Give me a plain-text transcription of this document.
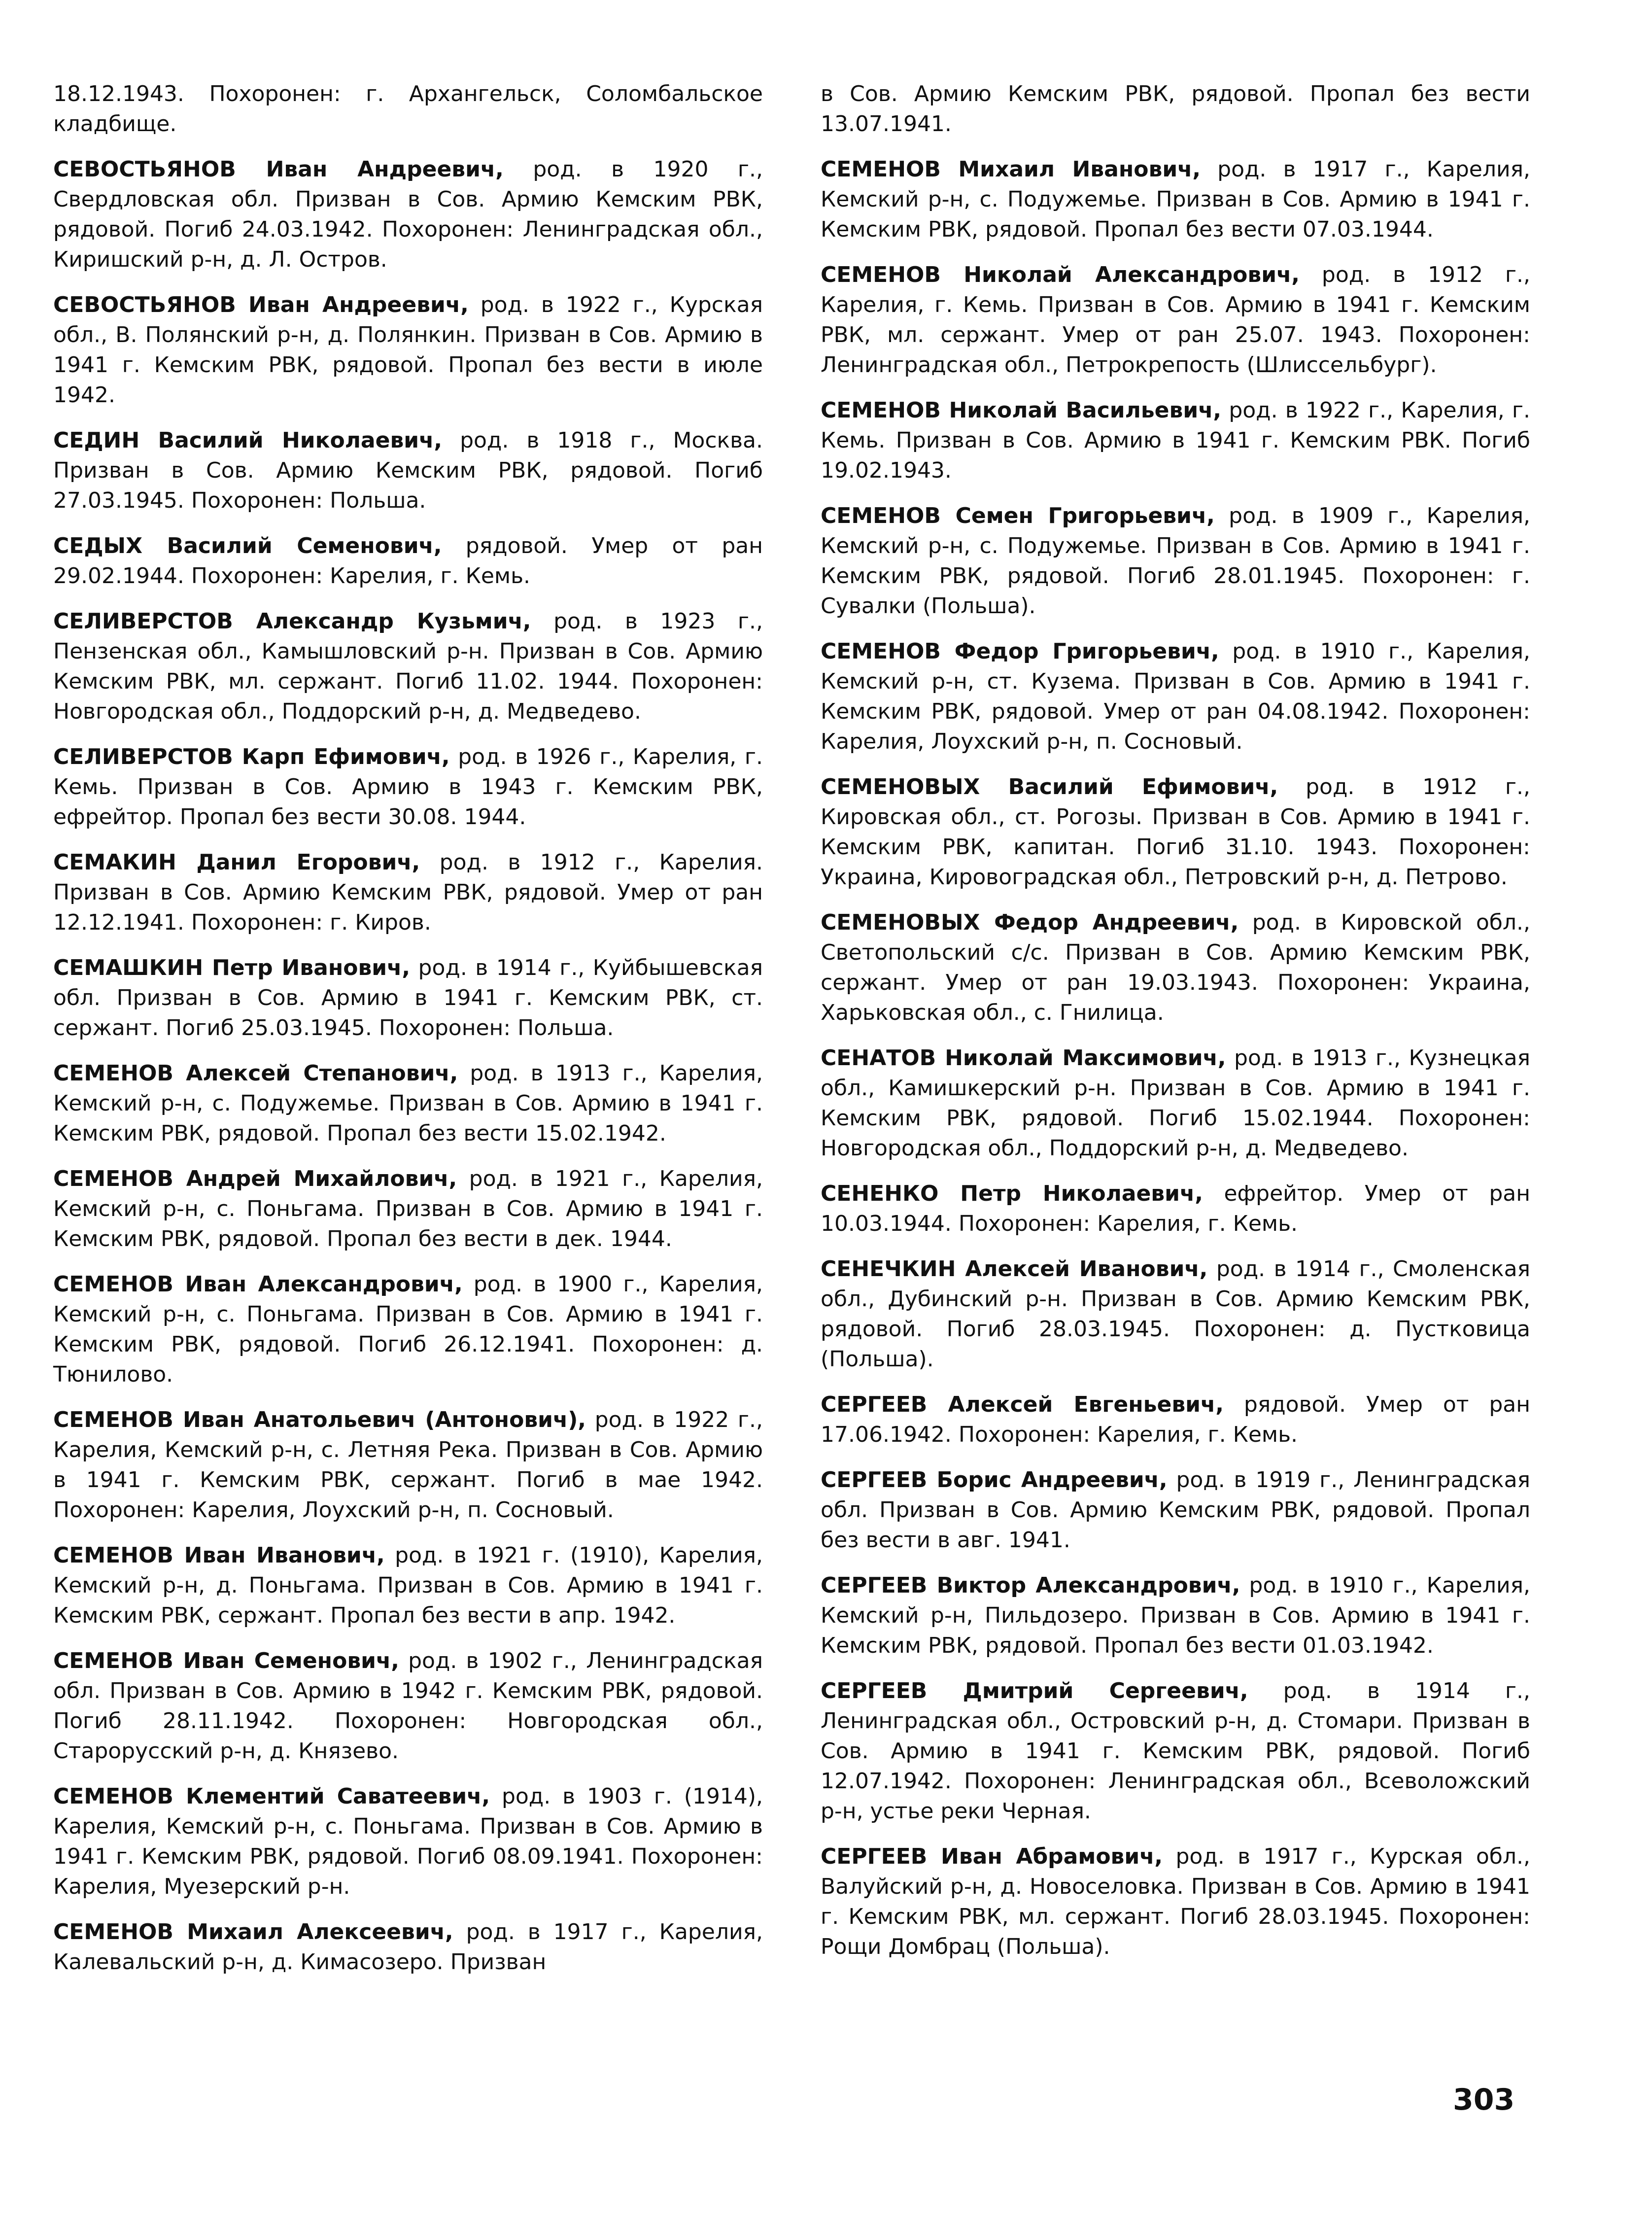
18.12.1943. Похоронен: г. Архангельск, Соломбальское кладбище.

СЕВОСТЬЯНОВ Иван Андреевич, род. в 1920 г., Свердловская обл. Призван в Сов. Армию Кемским РВК, рядовой. Погиб 24.03.1942. Похоронен: Ленинградская обл., Киришский р-н, д. Л. Остров.

СЕВОСТЬЯНОВ Иван Андреевич, род. в 1922 г., Курская обл., В. Полянский р-н, д. Полянкин. Призван в Сов. Армию в 1941 г. Кемским РВК, рядовой. Пропал без вести в июле 1942.

СЕДИН Василий Николаевич, род. в 1918 г., Москва. Призван в Сов. Армию Кемским РВК, рядовой. Погиб 27.03.1945. Похоронен: Польша.

СЕДЫХ Василий Семенович, рядовой. Умер от ран 29.02.1944. Похоронен: Карелия, г. Кемь.

СЕЛИВЕРСТОВ Александр Кузьмич, род. в 1923 г., Пензенская обл., Камышловский р-н. Призван в Сов. Армию Кемским РВК, мл. сержант. Погиб 11.02. 1944. Похоронен: Новгородская обл., Поддорский р-н, д. Медведево.

СЕЛИВЕРСТОВ Карп Ефимович, род. в 1926 г., Карелия, г. Кемь. Призван в Сов. Армию в 1943 г. Кемским РВК, ефрейтор. Пропал без вести 30.08. 1944.

СЕМАКИН Данил Егорович, род. в 1912 г., Карелия. Призван в Сов. Армию Кемским РВК, рядовой. Умер от ран 12.12.1941. Похоронен: г. Киров.

СЕМАШКИН Петр Иванович, род. в 1914 г., Куйбышевская обл. Призван в Сов. Армию в 1941 г. Кемским РВК, ст. сержант. Погиб 25.03.1945. Похоронен: Польша.

СЕМЕНОВ Алексей Степанович, род. в 1913 г., Карелия, Кемский р-н, с. Подужемье. Призван в Сов. Армию в 1941 г. Кемским РВК, рядовой. Пропал без вести 15.02.1942.

СЕМЕНОВ Андрей Михайлович, род. в 1921 г., Карелия, Кемский р-н, с. Поньгама. Призван в Сов. Армию в 1941 г. Кемским РВК, рядовой. Пропал без вести в дек. 1944.

СЕМЕНОВ Иван Александрович, род. в 1900 г., Карелия, Кемский р-н, с. Поньгама. Призван в Сов. Армию в 1941 г. Кемским РВК, рядовой. Погиб 26.12.1941. Похоронен: д. Тюнилово.

СЕМЕНОВ Иван Анатольевич (Антонович), род. в 1922 г., Карелия, Кемский р-н, с. Летняя Река. Призван в Сов. Армию в 1941 г. Кемским РВК, сержант. Погиб в мае 1942. Похоронен: Карелия, Лоухский р-н, п. Сосновый.

СЕМЕНОВ Иван Иванович, род. в 1921 г. (1910), Карелия, Кемский р-н, д. Поньгама. Призван в Сов. Армию в 1941 г. Кемским РВК, сержант. Пропал без вести в апр. 1942.

СЕМЕНОВ Иван Семенович, род. в 1902 г., Ленинградская обл. Призван в Сов. Армию в 1942 г. Кемским РВК, рядовой. Погиб 28.11.1942. Похоронен: Новгородская обл., Старорусский р-н, д. Князево.

СЕМЕНОВ Клементий Саватеевич, род. в 1903 г. (1914), Карелия, Кемский р-н, с. Поньгама. Призван в Сов. Армию в 1941 г. Кемским РВК, рядовой. Погиб 08.09.1941. Похоронен: Карелия, Муезерский р-н.

СЕМЕНОВ Михаил Алексеевич, род. в 1917 г., Карелия, Калевальский р-н, д. Кимасозеро. Призван

в Сов. Армию Кемским РВК, рядовой. Пропал без вести 13.07.1941.

СЕМЕНОВ Михаил Иванович, род. в 1917 г., Карелия, Кемский р-н, с. Подужемье. Призван в Сов. Армию в 1941 г. Кемским РВК, рядовой. Пропал без вести 07.03.1944.

СЕМЕНОВ Николай Александрович, род. в 1912 г., Карелия, г. Кемь. Призван в Сов. Армию в 1941 г. Кемским РВК, мл. сержант. Умер от ран 25.07. 1943. Похоронен: Ленинградская обл., Петрокрепость (Шлиссельбург).

СЕМЕНОВ Николай Васильевич, род. в 1922 г., Карелия, г. Кемь. Призван в Сов. Армию в 1941 г. Кемским РВК. Погиб 19.02.1943.

СЕМЕНОВ Семен Григорьевич, род. в 1909 г., Карелия, Кемский р-н, с. Подужемье. Призван в Сов. Армию в 1941 г. Кемским РВК, рядовой. Погиб 28.01.1945. Похоронен: г. Сувалки (Польша).

СЕМЕНОВ Федор Григорьевич, род. в 1910 г., Карелия, Кемский р-н, ст. Кузема. Призван в Сов. Армию в 1941 г. Кемским РВК, рядовой. Умер от ран 04.08.1942. Похоронен: Карелия, Лоухский р-н, п. Сосновый.

СЕМЕНОВЫХ Василий Ефимович, род. в 1912 г., Кировская обл., ст. Рогозы. Призван в Сов. Армию в 1941 г. Кемским РВК, капитан. Погиб 31.10. 1943. Похоронен: Украина, Кировоградская обл., Петровский р-н, д. Петрово.

СЕМЕНОВЫХ Федор Андреевич, род. в Кировской обл., Светопольский с/с. Призван в Сов. Армию Кемским РВК, сержант. Умер от ран 19.03.1943. Похоронен: Украина, Харьковская обл., с. Гнилица.

СЕНАТОВ Николай Максимович, род. в 1913 г., Кузнецкая обл., Камишкерский р-н. Призван в Сов. Армию в 1941 г. Кемским РВК, рядовой. Погиб 15.02.1944. Похоронен: Новгородская обл., Поддорский р-н, д. Медведево.

СЕНЕНКО Петр Николаевич, ефрейтор. Умер от ран 10.03.1944. Похоронен: Карелия, г. Кемь.

СЕНЕЧКИН Алексей Иванович, род. в 1914 г., Смоленская обл., Дубинский р-н. Призван в Сов. Армию Кемским РВК, рядовой. Погиб 28.03.1945. Похоронен: д. Пустковица (Польша).

СЕРГЕЕВ Алексей Евгеньевич, рядовой. Умер от ран 17.06.1942. Похоронен: Карелия, г. Кемь.

СЕРГЕЕВ Борис Андреевич, род. в 1919 г., Ленинградская обл. Призван в Сов. Армию Кемским РВК, рядовой. Пропал без вести в авг. 1941.

СЕРГЕЕВ Виктор Александрович, род. в 1910 г., Карелия, Кемский р-н, Пильдозеро. Призван в Сов. Армию в 1941 г. Кемским РВК, рядовой. Пропал без вести 01.03.1942.

СЕРГЕЕВ Дмитрий Сергеевич, род. в 1914 г., Ленинградская обл., Островский р-н, д. Стомари. Призван в Сов. Армию в 1941 г. Кемским РВК, рядовой. Погиб 12.07.1942. Похоронен: Ленинградская обл., Всеволожский р-н, устье реки Черная.

СЕРГЕЕВ Иван Абрамович, род. в 1917 г., Курская обл., Валуйский р-н, д. Новоселовка. Призван в Сов. Армию в 1941 г. Кемским РВК, мл. сержант. Погиб 28.03.1945. Похоронен: Рощи Домбрац (Польша).

303
